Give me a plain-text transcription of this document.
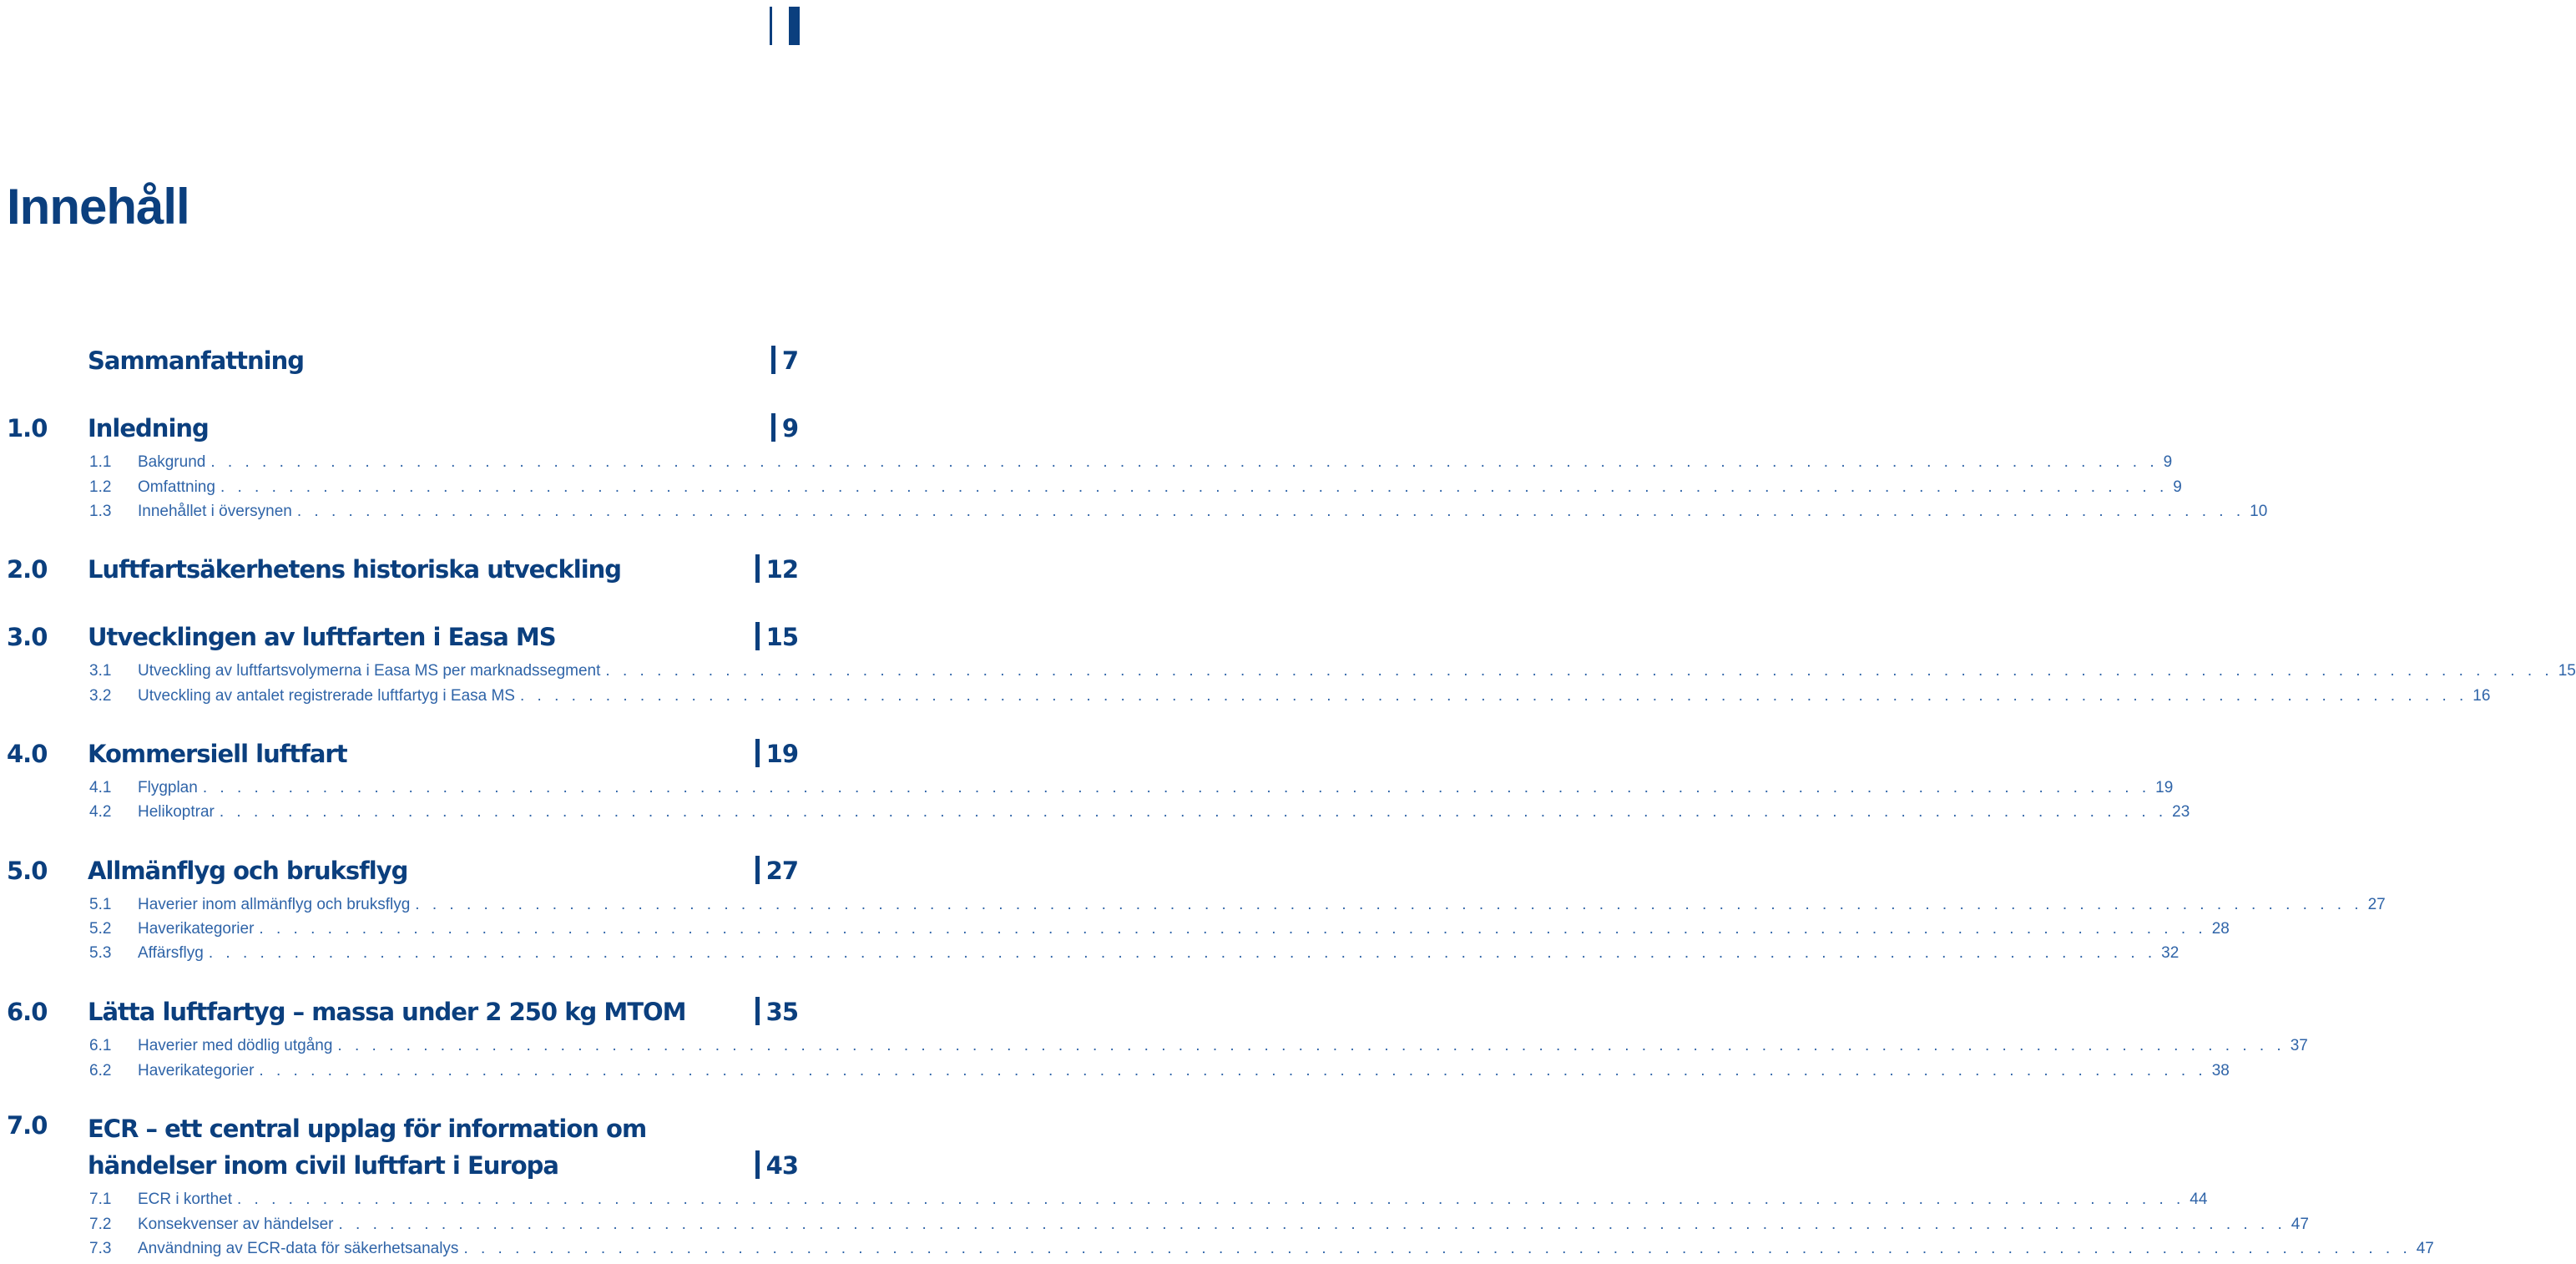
Innehåll
Sammanfattning	7
1.0 Inledning	9
1.1	Bakgrund . . . . . . . . . . . . . . . . . . . . . . . . . . . . . . . . . . . . . . . . . . . . . . . . . . . . . . . . . . . . . . . . . . . . . . . . . . . . . . . . . . . . . . . . . . . . . . . . . . . . . . . . . . . . . . . . . . 9
1.2	Omfattning . . . . . . . . . . . . . . . . . . . . . . . . . . . . . . . . . . . . . . . . . . . . . . . . . . . . . . . . . . . . . . . . . . . . . . . . . . . . . . . . . . . . . . . . . . . . . . . . . . . . . . . . . . . . . . . . . . 9
1.3	Innehållet i översynen . . . . . . . . . . . . . . . . . . . . . . . . . . . . . . . . . . . . . . . . . . . . . . . . . . . . . . . . . . . . . . . . . . . . . . . . . . . . . . . . . . . . . . . . . . . . . . . . . . . . . . . . . . . . . . . . . . 10
2.0 Luftfartsäkerhetens historiska utveckling	12
3.0 Utvecklingen av luftfarten i Easa MS	15
3.1	Utveckling av luftfartsvolymerna i Easa MS per marknadssegment . . . . . . . . . . . . . . . . . . . . . . . . . . . . . . . . . . . . . . . . . . . . . . . . . . . . . . . . . . . . . . . . . . . . . . . . . . . . . . . . . . . . . . . . . . . . . . . . . . . . . . . . . . . . . . . . . . 15
3.2	Utveckling av antalet registrerade luftfartyg i Easa MS . . . . . . . . . . . . . . . . . . . . . . . . . . . . . . . . . . . . . . . . . . . . . . . . . . . . . . . . . . . . . . . . . . . . . . . . . . . . . . . . . . . . . . . . . . . . . . . . . . . . . . . . . . . . . . . . . . 16
4.0 Kommersiell luftfart	19
4.1	Flygplan . . . . . . . . . . . . . . . . . . . . . . . . . . . . . . . . . . . . . . . . . . . . . . . . . . . . . . . . . . . . . . . . . . . . . . . . . . . . . . . . . . . . . . . . . . . . . . . . . . . . . . . . . . . . . . . . . . 19
4.2	Helikoptrar . . . . . . . . . . . . . . . . . . . . . . . . . . . . . . . . . . . . . . . . . . . . . . . . . . . . . . . . . . . . . . . . . . . . . . . . . . . . . . . . . . . . . . . . . . . . . . . . . . . . . . . . . . . . . . . . . . 23
5.0 Allmänflyg och bruksflyg	27
5.1	Haverier inom allmänflyg och bruksflyg . . . . . . . . . . . . . . . . . . . . . . . . . . . . . . . . . . . . . . . . . . . . . . . . . . . . . . . . . . . . . . . . . . . . . . . . . . . . . . . . . . . . . . . . . . . . . . . . . . . . . . . . . . . . . . . . . . 27
5.2	Haverikategorier . . . . . . . . . . . . . . . . . . . . . . . . . . . . . . . . . . . . . . . . . . . . . . . . . . . . . . . . . . . . . . . . . . . . . . . . . . . . . . . . . . . . . . . . . . . . . . . . . . . . . . . . . . . . . . . . . . 28
5.3	Affärsflyg . . . . . . . . . . . . . . . . . . . . . . . . . . . . . . . . . . . . . . . . . . . . . . . . . . . . . . . . . . . . . . . . . . . . . . . . . . . . . . . . . . . . . . . . . . . . . . . . . . . . . . . . . . . . . . . . . . 32
6.0 Lätta luftfartyg – massa under 2 250 kg MTOM	35
6.1	Haverier med dödlig utgång . . . . . . . . . . . . . . . . . . . . . . . . . . . . . . . . . . . . . . . . . . . . . . . . . . . . . . . . . . . . . . . . . . . . . . . . . . . . . . . . . . . . . . . . . . . . . . . . . . . . . . . . . . . . . . . . . . 37
6.2	Haverikategorier . . . . . . . . . . . . . . . . . . . . . . . . . . . . . . . . . . . . . . . . . . . . . . . . . . . . . . . . . . . . . . . . . . . . . . . . . . . . . . . . . . . . . . . . . . . . . . . . . . . . . . . . . . . . . . . . . . 38
7.0 ECR – ett central upplag för information om händelser inom civil luftfart i Europa	43
7.1	ECR i korthet . . . . . . . . . . . . . . . . . . . . . . . . . . . . . . . . . . . . . . . . . . . . . . . . . . . . . . . . . . . . . . . . . . . . . . . . . . . . . . . . . . . . . . . . . . . . . . . . . . . . . . . . . . . . . . . . . . 44
7.2	Konsekvenser av händelser . . . . . . . . . . . . . . . . . . . . . . . . . . . . . . . . . . . . . . . . . . . . . . . . . . . . . . . . . . . . . . . . . . . . . . . . . . . . . . . . . . . . . . . . . . . . . . . . . . . . . . . . . . . . . . . . . . 47
7.3	Användning av ECR-data för säkerhetsanalys . . . . . . . . . . . . . . . . . . . . . . . . . . . . . . . . . . . . . . . . . . . . . . . . . . . . . . . . . . . . . . . . . . . . . . . . . . . . . . . . . . . . . . . . . . . . . . . . . . . . . . . . . . . . . . . . . . 47
